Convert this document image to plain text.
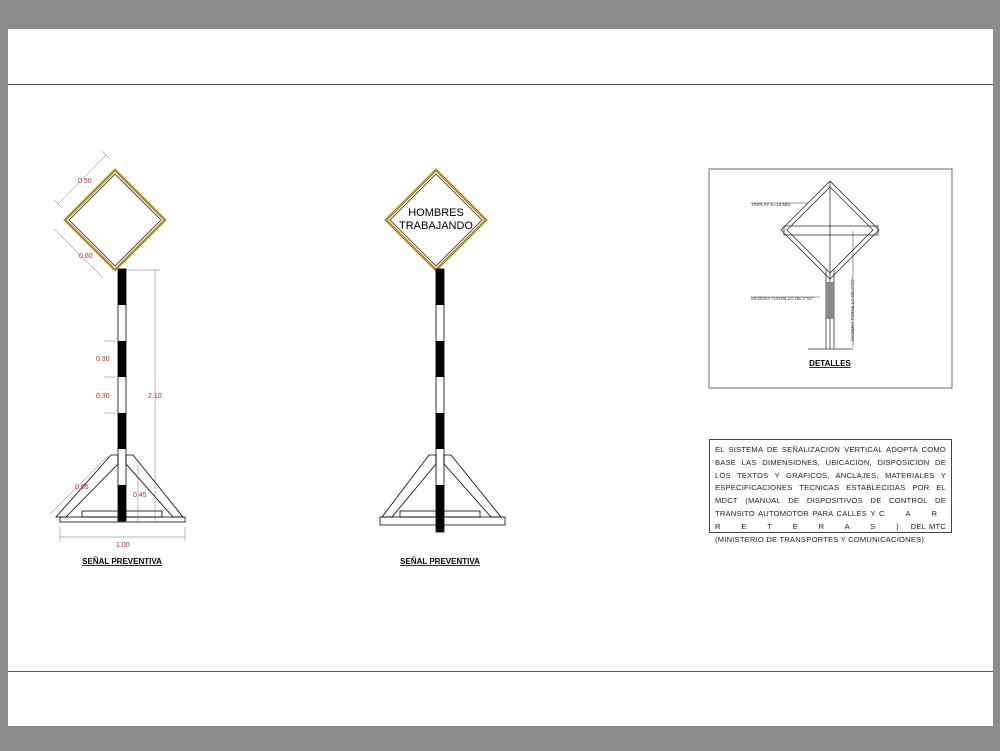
0.50
0.60
0.30
0.30	2.10
0.65
0.45
1.00
SEÑAL PREVENTIVA
HOMBRES
TRABAJANDO
SEÑAL PREVENTIVA
TRIPLAY E=18 MM
MADERA TORNILLO DE 2"X2"	MADERA TORNILLO DE 2"X2"
DETALLES
EL SISTEMA DE SEÑALIZACION VERTICAL ADOPTA COMO BASE LAS DIMENSIONES, UBICACION, DISPOSICION DE LOS TEXTOS Y GRAFICOS, ANCLAJES, MATERIALES Y ESPECIFICACIONES TECNICAS ESTABLECIDAS POR EL MDCT (MANUAL DE DISPOSITIVOS DE CONTROL DE TRANSITO AUTOMOTOR PARA CALLES Y C A R R E T E R A S ) DEL MTC (MINISTERIO DE TRANSPORTES Y COMUNICACIONES)
